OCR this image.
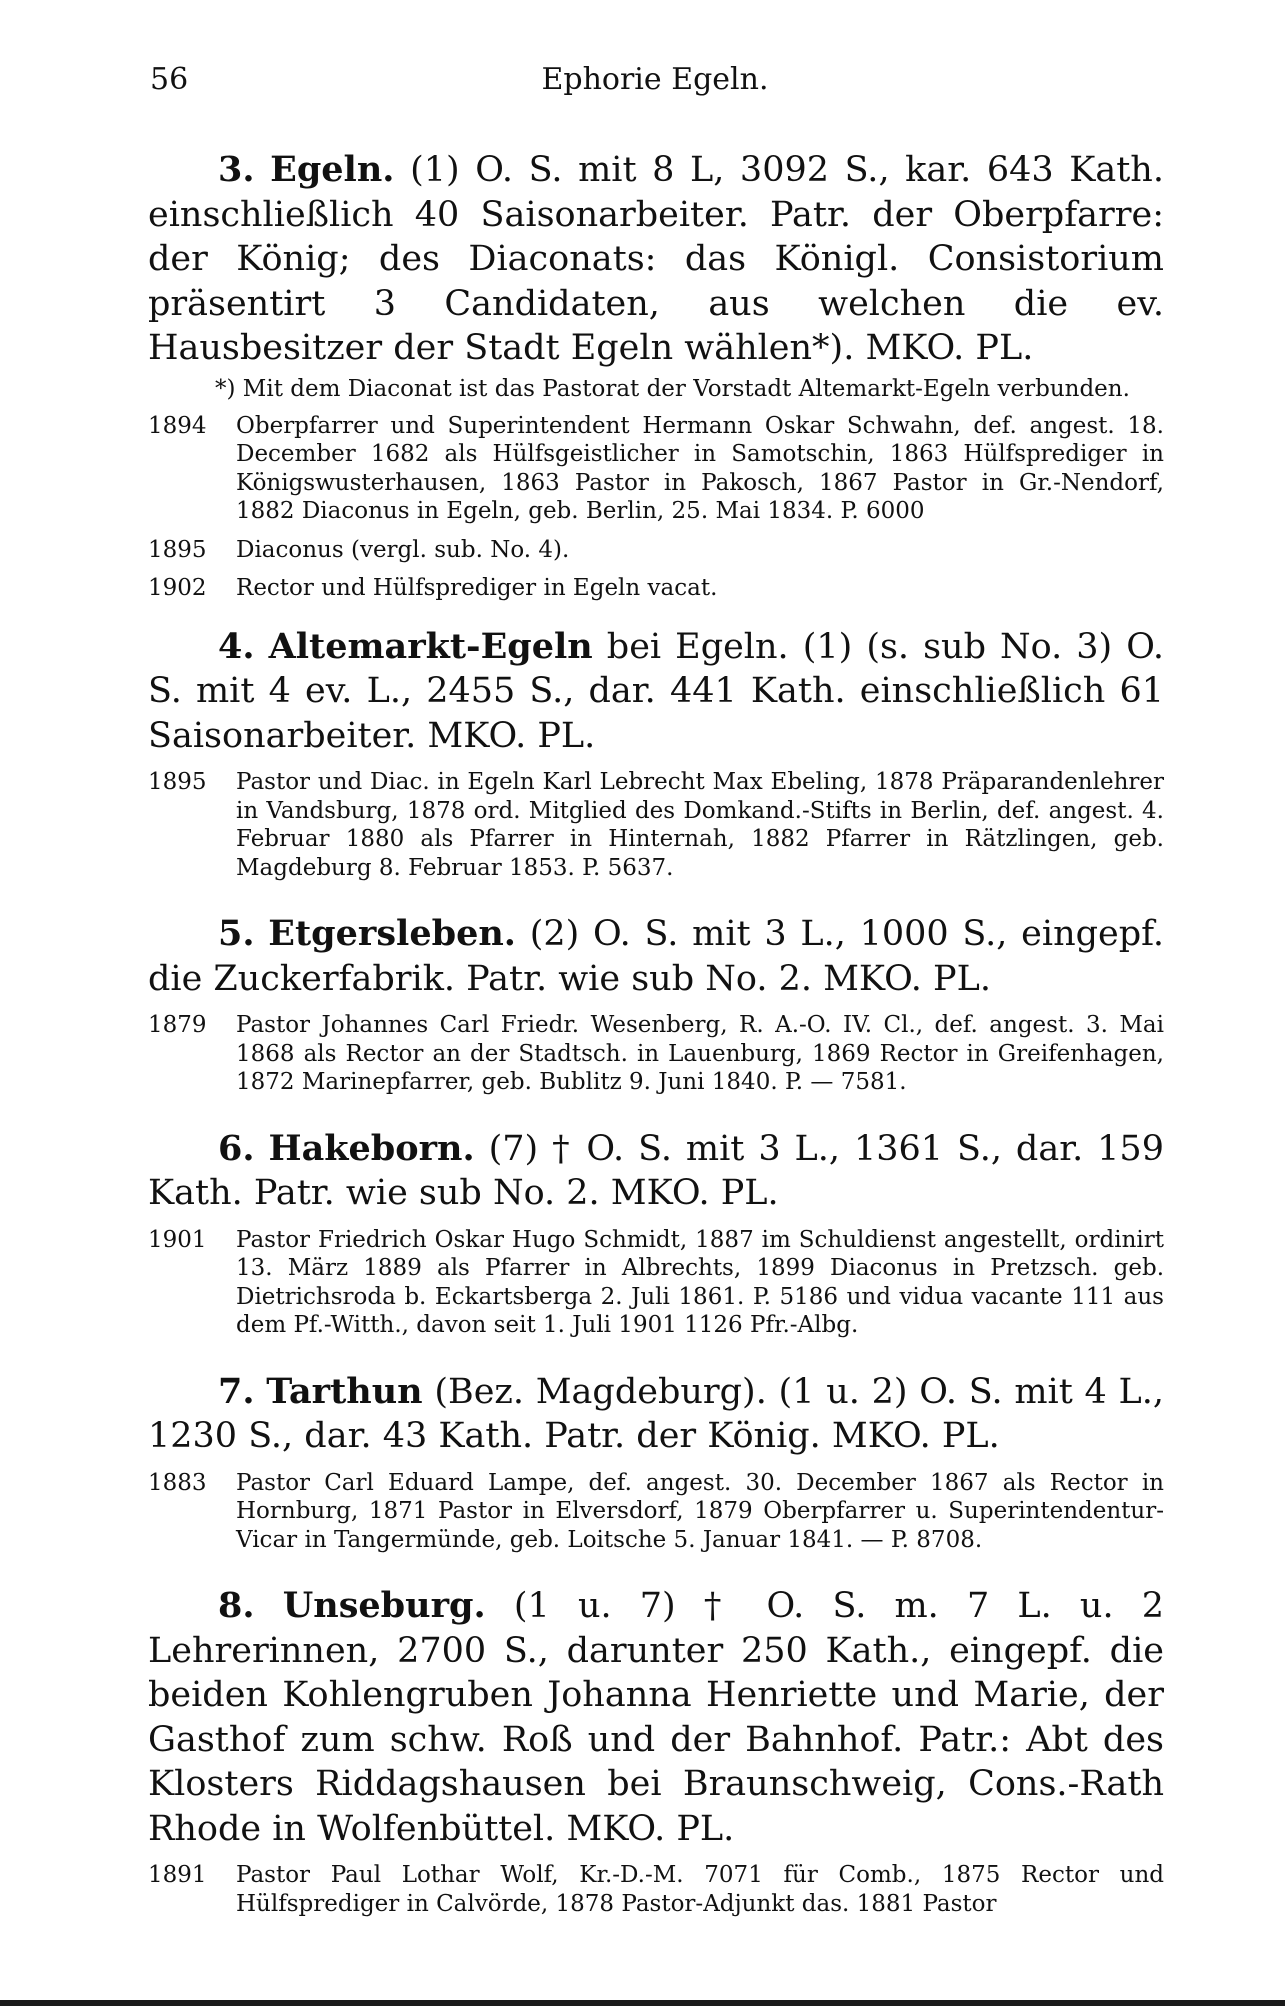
56	Ephorie Egeln.

3. Egeln. (1) O. S. mit 8 L, 3092 S., kar. 643 Kath. einschließlich 40 Saisonarbeiter. Patr. der Oberpfarre: der König; des Diaconats: das Königl. Consistorium präsentirt 3 Candidaten, aus welchen die ev. Hausbesitzer der Stadt Egeln wählen*). MKO. PL.

*) Mit dem Diaconat ist das Pastorat der Vorstadt Altemarkt-Egeln verbunden.

1894	Oberpfarrer und Superintendent Hermann Oskar Schwahn, def. angest. 18. December 1682 als Hülfsgeistlicher in Samotschin, 1863 Hülfsprediger in Königswusterhausen, 1863 Pastor in Pakosch, 1867 Pastor in Gr.-Nendorf, 1882 Diaconus in Egeln, geb. Berlin, 25. Mai 1834. P. 6000
1895	Diaconus (vergl. sub. No. 4).
1902	Rector und Hülfsprediger in Egeln vacat.

4. Altemarkt-Egeln bei Egeln. (1) (s. sub No. 3) O. S. mit 4 ev. L., 2455 S., dar. 441 Kath. einschließlich 61 Saisonarbeiter. MKO. PL.

1895	Pastor und Diac. in Egeln Karl Lebrecht Max Ebeling, 1878 Präparandenlehrer in Vandsburg, 1878 ord. Mitglied des Domkand.-Stifts in Berlin, def. angest. 4. Februar 1880 als Pfarrer in Hinternah, 1882 Pfarrer in Rätzlingen, geb. Magdeburg 8. Februar 1853. P. 5637.

5. Etgersleben. (2) O. S. mit 3 L., 1000 S., eingepf. die Zuckerfabrik. Patr. wie sub No. 2. MKO. PL.

1879	Pastor Johannes Carl Friedr. Wesenberg, R. A.-O. IV. Cl., def. angest. 3. Mai 1868 als Rector an der Stadtsch. in Lauenburg, 1869 Rector in Greifenhagen, 1872 Marinepfarrer, geb. Bublitz 9. Juni 1840. P. — 7581.

6. Hakeborn. (7) † O. S. mit 3 L., 1361 S., dar. 159 Kath. Patr. wie sub No. 2. MKO. PL.

1901	Pastor Friedrich Oskar Hugo Schmidt, 1887 im Schuldienst angestellt, ordinirt 13. März 1889 als Pfarrer in Albrechts, 1899 Diaconus in Pretzsch. geb. Dietrichsroda b. Eckartsberga 2. Juli 1861. P. 5186 und vidua vacante 111 aus dem Pf.-Witth., davon seit 1. Juli 1901 1126 Pfr.-Albg.

7. Tarthun (Bez. Magdeburg). (1 u. 2) O. S. mit 4 L., 1230 S., dar. 43 Kath. Patr. der König. MKO. PL.

1883	Pastor Carl Eduard Lampe, def. angest. 30. December 1867 als Rector in Hornburg, 1871 Pastor in Elversdorf, 1879 Oberpfarrer u. Superintendentur-Vicar in Tangermünde, geb. Loitsche 5. Januar 1841. — P. 8708.

8. Unseburg. (1 u. 7) † O. S. m. 7 L. u. 2 Lehrerinnen, 2700 S., darunter 250 Kath., eingepf. die beiden Kohlengruben Johanna Henriette und Marie, der Gasthof zum schw. Roß und der Bahnhof. Patr.: Abt des Klosters Riddagshausen bei Braunschweig, Cons.-Rath Rhode in Wolfenbüttel. MKO. PL.

1891	Pastor Paul Lothar Wolf, Kr.-D.-M. 7071 für Comb., 1875 Rector und Hülfsprediger in Calvörde, 1878 Pastor-Adjunkt das. 1881 Pastor
